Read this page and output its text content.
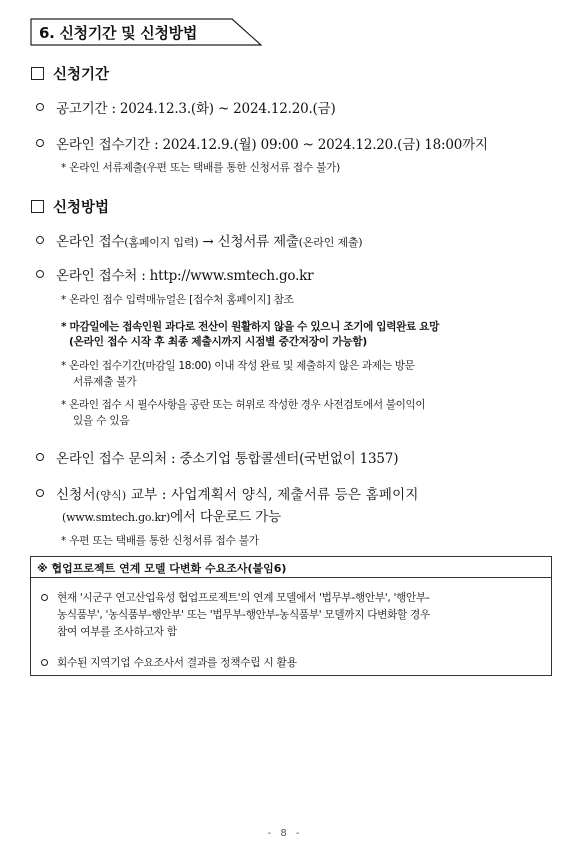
6. 신청기간 및 신청방법
신청기간
공고기간 : 2024.12.3.(화) ~ 2024.12.20.(금)
온라인 접수기간 : 2024.12.9.(월) 09:00 ~ 2024.12.20.(금) 18:00까지
* 온라인 서류제출(우편 또는 택배를 통한 신청서류 접수 불가)
신청방법
온라인 접수(홈페이지 입력) → 신청서류 제출(온라인 제출)
온라인 접수처 : http://www.smtech.go.kr
* 온라인 접수 입력매뉴얼은 [접수처 홈페이지] 참조
* 마감일에는 접속인원 과다로 전산이 원활하지 않을 수 있으니 조기에 입력완료 요망
(온라인 접수 시작 후 최종 제출시까지 시점별 중간저장이 가능함)
* 온라인 접수기간(마감일 18:00) 이내 작성 완료 및 제출하지 않은 과제는 방문
서류제출 불가
* 온라인 접수 시 필수사항을 공란 또는 허위로 작성한 경우 사전검토에서 불이익이
있을 수 있음
온라인 접수 문의처 : 중소기업 통합콜센터(국번없이 1357)
신청서(양식) 교부 : 사업계획서 양식, 제출서류 등은 홈페이지
(www.smtech.go.kr)에서 다운로드 가능
* 우편 또는 택배를 통한 신청서류 접수 불가
※ 협업프로젝트 연계 모델 다변화 수요조사(붙임6)
현재 '시군구 연고산업육성 협업프로젝트'의 연계 모델에서 '법무부-행안부', '행안부-
농식품부', '농식품부-행안부' 또는 '법무부-행안부-농식품부' 모델까지 다변화할 경우
참여 여부를 조사하고자 함
회수된 지역기업 수요조사서 결과를 정책수립 시 활용
- 8 -
